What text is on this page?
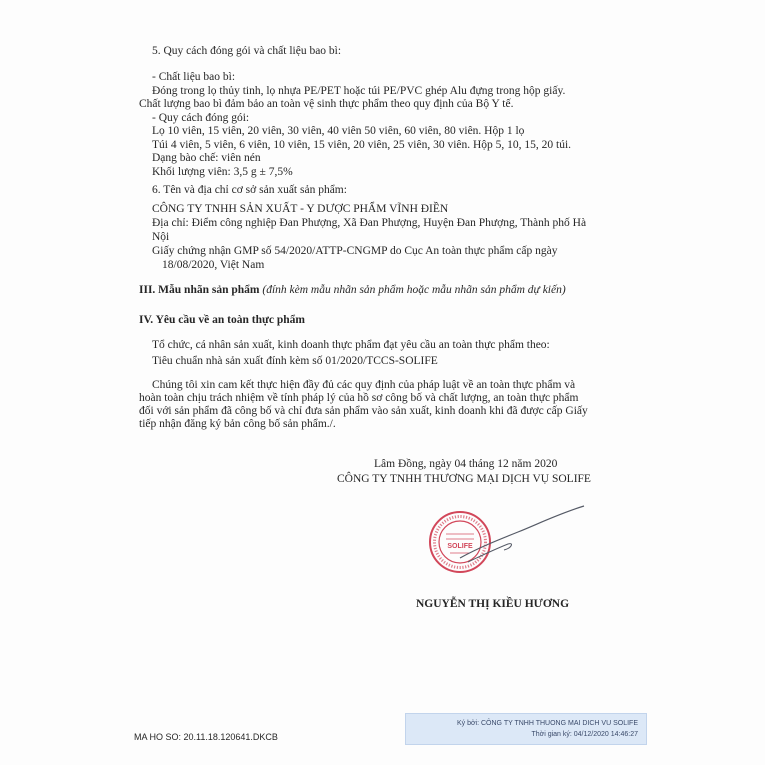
5. Quy cách đóng gói và chất liệu bao bì:
- Chất liệu bao bì:
Đóng trong lọ thủy tinh, lọ nhựa PE/PET hoặc túi PE/PVC ghép Alu đựng trong hộp giấy.
Chất lượng bao bì đảm bảo an toàn vệ sinh thực phẩm theo quy định của Bộ Y tế.
- Quy cách đóng gói:
Lọ 10 viên, 15 viên, 20 viên, 30 viên, 40 viên 50 viên, 60 viên, 80 viên. Hộp 1 lọ
Túi 4 viên, 5 viên, 6 viên, 10 viên, 15 viên, 20 viên, 25 viên, 30 viên. Hộp 5, 10, 15, 20 túi.
Dạng bào chế: viên nén
Khối lượng viên: 3,5 g ± 7,5%
6. Tên và địa chỉ cơ sở sản xuất sản phẩm:
CÔNG TY TNHH SẢN XUẤT - Y DƯỢC PHẨM VĨNH ĐIỀN
Địa chỉ: Điểm công nghiệp Đan Phượng, Xã Đan Phượng, Huyện Đan Phượng, Thành phố Hà
Nội
Giấy chứng nhận GMP số 54/2020/ATTP-CNGMP do Cục An toàn thực phẩm cấp ngày
18/08/2020, Việt Nam
III. Mẫu nhãn sản phẩm (đính kèm mẫu nhãn sản phẩm hoặc mẫu nhãn sản phẩm dự kiến)
IV. Yêu cầu về an toàn thực phẩm
Tổ chức, cá nhân sản xuất, kinh doanh thực phẩm đạt yêu cầu an toàn thực phẩm theo:
Tiêu chuẩn nhà sản xuất đính kèm số 01/2020/TCCS-SOLIFE
Chúng tôi xin cam kết thực hiện đầy đủ các quy định của pháp luật về an toàn thực phẩm và
hoàn toàn chịu trách nhiệm về tính pháp lý của hồ sơ công bố và chất lượng, an toàn thực phẩm
đối với sản phẩm đã công bố và chỉ đưa sản phẩm vào sản xuất, kinh doanh khi đã được cấp Giấy
tiếp nhận đăng ký bản công bố sản phẩm./.
Lâm Đồng, ngày 04 tháng 12 năm 2020
CÔNG TY TNHH THƯƠNG MẠI DỊCH VỤ SOLIFE
SOLIFE
NGUYỄN THỊ KIỀU HƯƠNG
MA HO SO: 20.11.18.120641.DKCB
Ký bởi: CÔNG TY TNHH THUONG MAI DICH VU SOLIFE
Thời gian ký: 04/12/2020 14:46:27
